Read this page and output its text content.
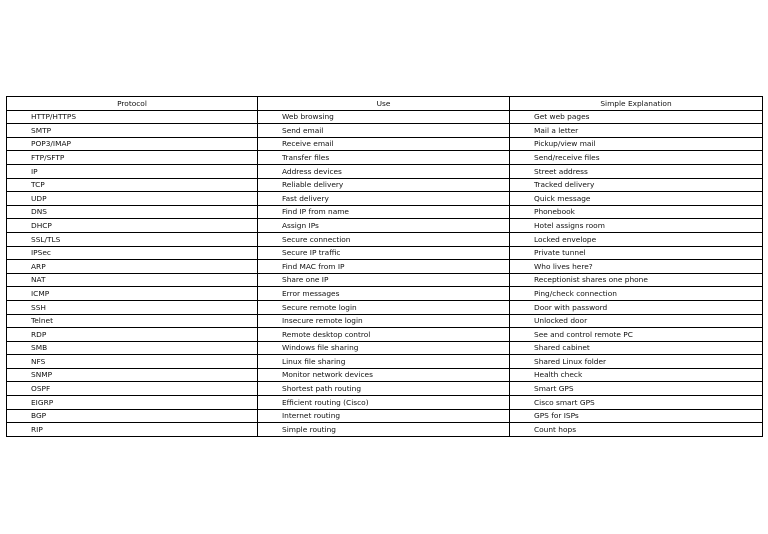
Protocol	Use	Simple Explanation
HTTP/HTTPS	Web browsing	Get web pages
SMTP	Send email	Mail a letter
POP3/IMAP	Receive email	Pickup/view mail
FTP/SFTP	Transfer files	Send/receive files
IP	Address devices	Street address
TCP	Reliable delivery	Tracked delivery
UDP	Fast delivery	Quick message
DNS	Find IP from name	Phonebook
DHCP	Assign IPs	Hotel assigns room
SSL/TLS	Secure connection	Locked envelope
IPSec	Secure IP traffic	Private tunnel
ARP	Find MAC from IP	Who lives here?
NAT	Share one IP	Receptionist shares one phone
ICMP	Error messages	Ping/check connection
SSH	Secure remote login	Door with password
Telnet	Insecure remote login	Unlocked door
RDP	Remote desktop control	See and control remote PC
SMB	Windows file sharing	Shared cabinet
NFS	Linux file sharing	Shared Linux folder
SNMP	Monitor network devices	Health check
OSPF	Shortest path routing	Smart GPS
EIGRP	Efficient routing (Cisco)	Cisco smart GPS
BGP	Internet routing	GPS for ISPs
RIP	Simple routing	Count hops
